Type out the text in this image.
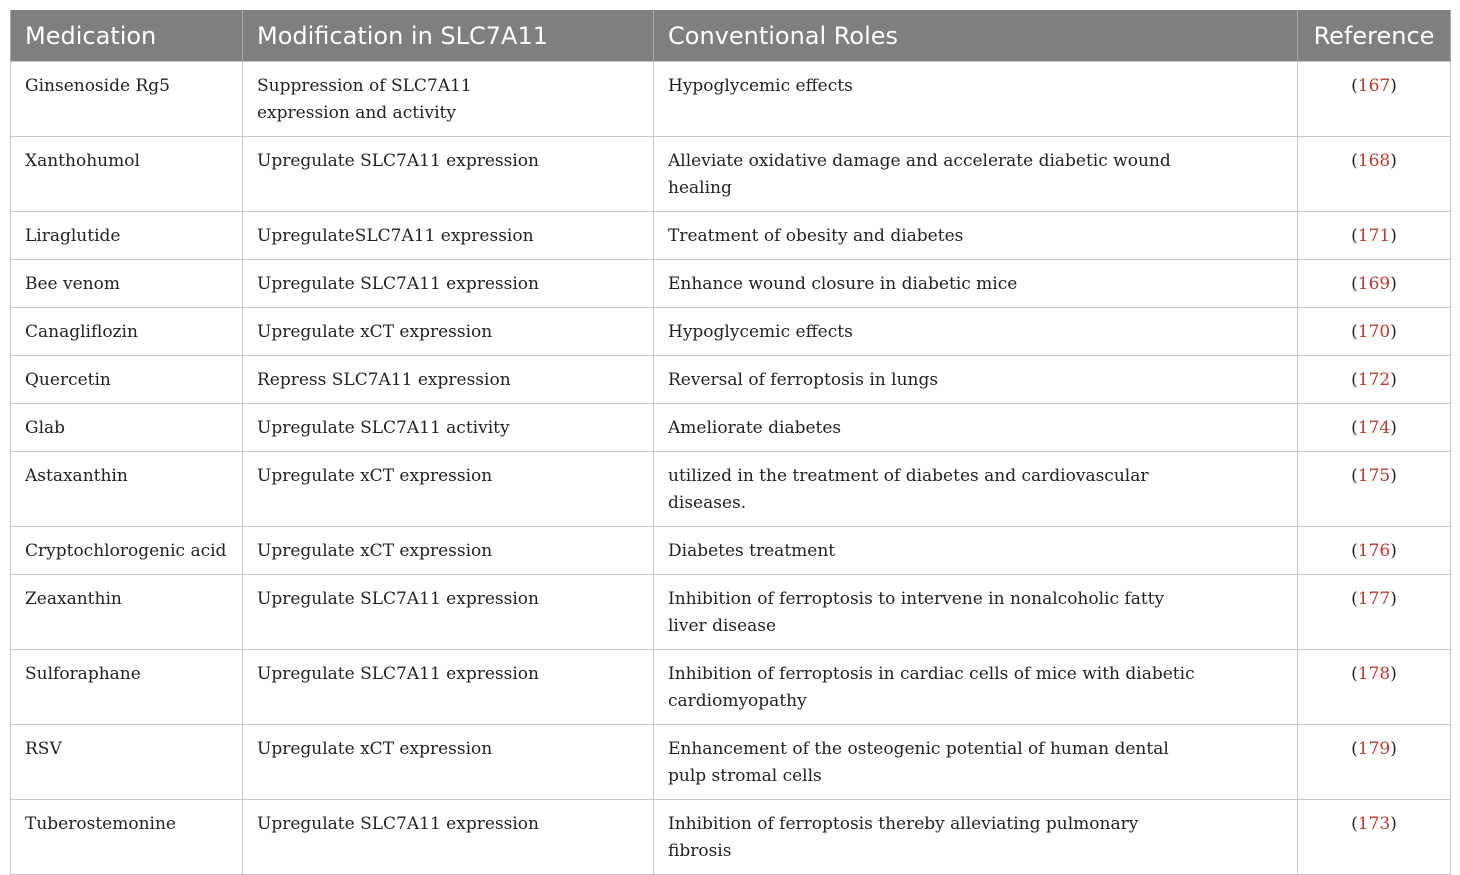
Medication	Modification in SLC7A11	Conventional Roles	Reference
Ginsenoside Rg5	Suppression of SLC7A11 expression and activity	Hypoglycemic effects	(167)
Xanthohumol	Upregulate SLC7A11 expression	Alleviate oxidative damage and accelerate diabetic wound healing	(168)
Liraglutide	UpregulateSLC7A11 expression	Treatment of obesity and diabetes	(171)
Bee venom	Upregulate SLC7A11 expression	Enhance wound closure in diabetic mice	(169)
Canagliflozin	Upregulate xCT expression	Hypoglycemic effects	(170)
Quercetin	Repress SLC7A11 expression	Reversal of ferroptosis in lungs	(172)
Glab	Upregulate SLC7A11 activity	Ameliorate diabetes	(174)
Astaxanthin	Upregulate xCT expression	utilized in the treatment of diabetes and cardiovascular diseases.	(175)
Cryptochlorogenic acid	Upregulate xCT expression	Diabetes treatment	(176)
Zeaxanthin	Upregulate SLC7A11 expression	Inhibition of ferroptosis to intervene in nonalcoholic fatty liver disease	(177)
Sulforaphane	Upregulate SLC7A11 expression	Inhibition of ferroptosis in cardiac cells of mice with diabetic cardiomyopathy	(178)
RSV	Upregulate xCT expression	Enhancement of the osteogenic potential of human dental pulp stromal cells	(179)
Tuberostemonine	Upregulate SLC7A11 expression	Inhibition of ferroptosis thereby alleviating pulmonary fibrosis	(173)
